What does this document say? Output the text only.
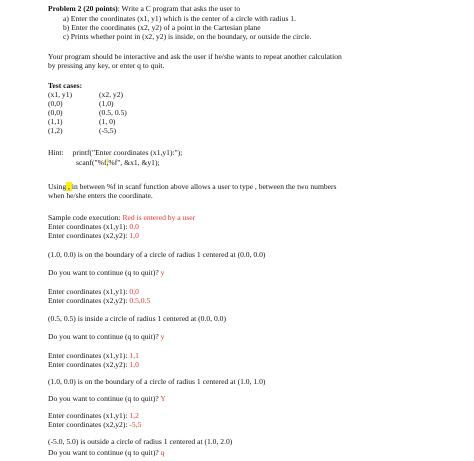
Problem 2 (20 points): Write a C program that asks the user to
a) Enter the coordinates (x1, y1) which is the center of a circle with radius 1.
b) Enter the coordinates (x2, y2) of a point in the Cartesian plane
c) Prints whether point in (x2, y2) is inside, on the boundary, or outside the circle.
Your program should be interactive and ask the user if he/she wants to repeat another calculation
by pressing any key, or enter q to quit.
Test cases:
(x1, y1)	(x2, y2)
(0,0)	(1,0)
(0,0)	(0.5, 0.5)
(1,1)	(1, 0)
(1,2)	(-5,5)
Hint: printf("Enter coordinates (x1,y1):");
scanf("%f,%f", &x1, &y1);
Using , in between %f in scanf function above allows a user to type , between the two numbers
when he/she enters the coordinate.
Sample code execution: Red is entered by a user
Enter coordinates (x1,y1): 0,0
Enter coordinates (x2,y2): 1,0
(1.0, 0.0) is on the boundary of a circle of radius 1 centered at (0.0, 0.0)
Do you want to continue (q to quit)? y
Enter coordinates (x1,y1): 0,0
Enter coordinates (x2,y2): 0.5,0.5
(0.5, 0.5) is inside a circle of radius 1 centered at (0.0, 0.0)
Do you want to continue (q to quit)? y
Enter coordinates (x1,y1): 1,1
Enter coordinates (x2,y2): 1,0
(1.0, 0.0) is on the boundary of a circle of radius 1 centered at (1.0, 1.0)
Do you want to continue (q to quit)? Y
Enter coordinates (x1,y1): 1,2
Enter coordinates (x2,y2): -5,5
(-5.0, 5.0) is outside a circle of radius 1 centered at (1.0, 2.0)
Do you want to continue (q to quit)? q
